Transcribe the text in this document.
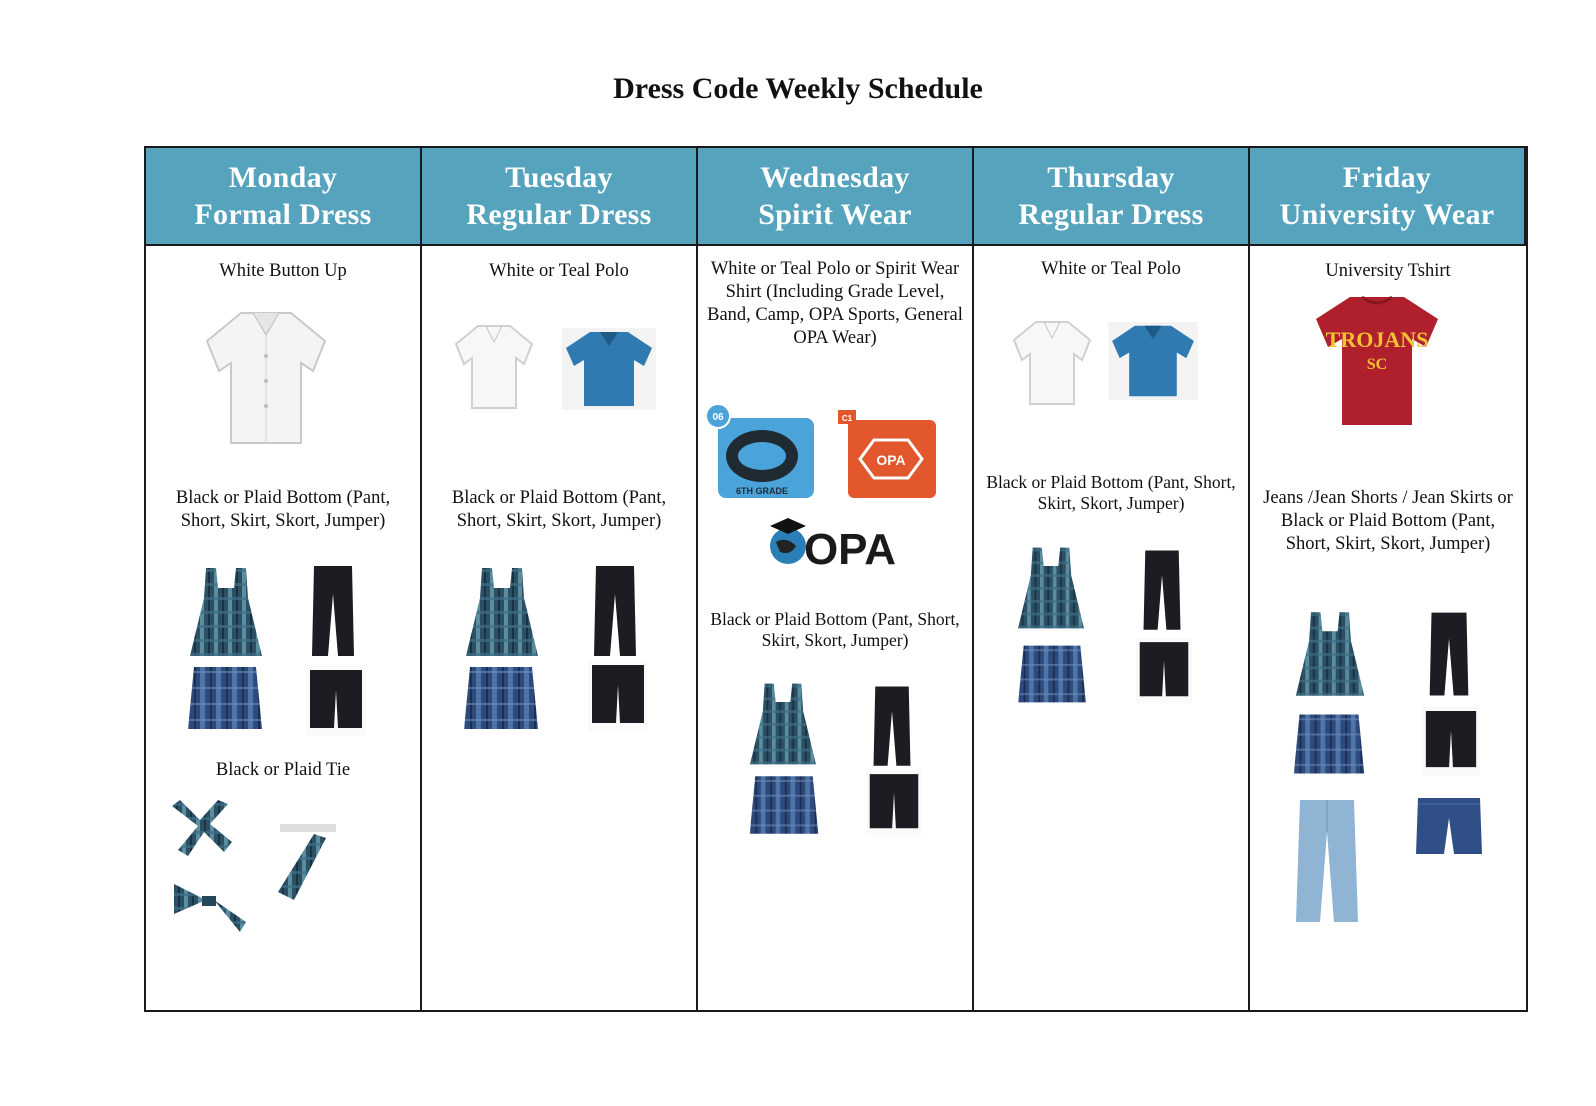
Dress Code Weekly Schedule
Monday
Formal Dress
Tuesday
Regular Dress
Wednesday
Spirit Wear
Thursday
Regular Dress
Friday
University Wear
White Button Up
Black or Plaid Bottom (Pant, Short, Skirt, Skort, Jumper)
Black or Plaid Tie
White or Teal Polo
Black or Plaid Bottom (Pant, Short, Skirt, Skort, Jumper)
White or Teal Polo or Spirit Wear Shirt (Including Grade Level, Band, Camp, OPA Sports, General OPA Wear)
06
6TH GRADE
OPA
C1
OPA
Black or Plaid Bottom (Pant, Short, Skirt, Skort, Jumper)
White or Teal Polo
Black or Plaid Bottom (Pant, Short, Skirt, Skort, Jumper)
University Tshirt
TROJANS
SC
Jeans /Jean Shorts / Jean Skirts or Black or Plaid Bottom (Pant, Short, Skirt, Skort, Jumper)
